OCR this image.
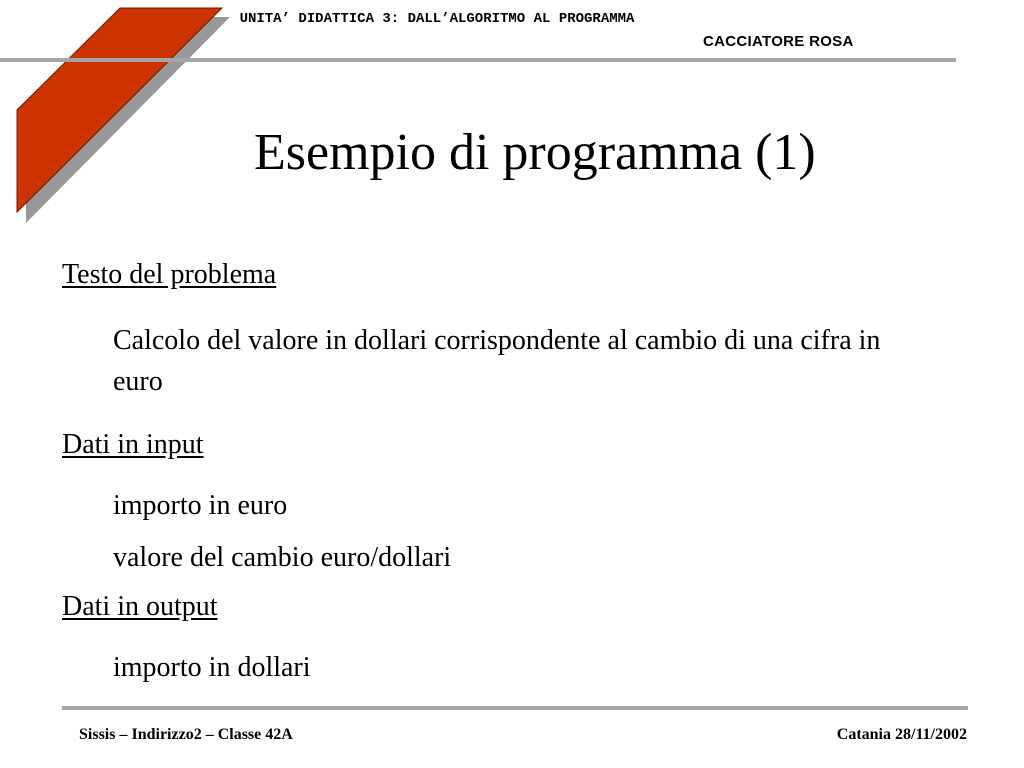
UNITA’ DIDATTICA 3: DALL’ALGORITMO AL PROGRAMMA
CACCIATORE ROSA
Esempio di programma (1)

Testo del problema

Calcolo del valore in dollari corrispondente al cambio di una cifra in euro

Dati in input

importo in euro

valore del cambio euro/dollari

Dati in output

importo in dollari

Sissis – Indirizzo2 – Classe 42A	Catania 28/11/2002
